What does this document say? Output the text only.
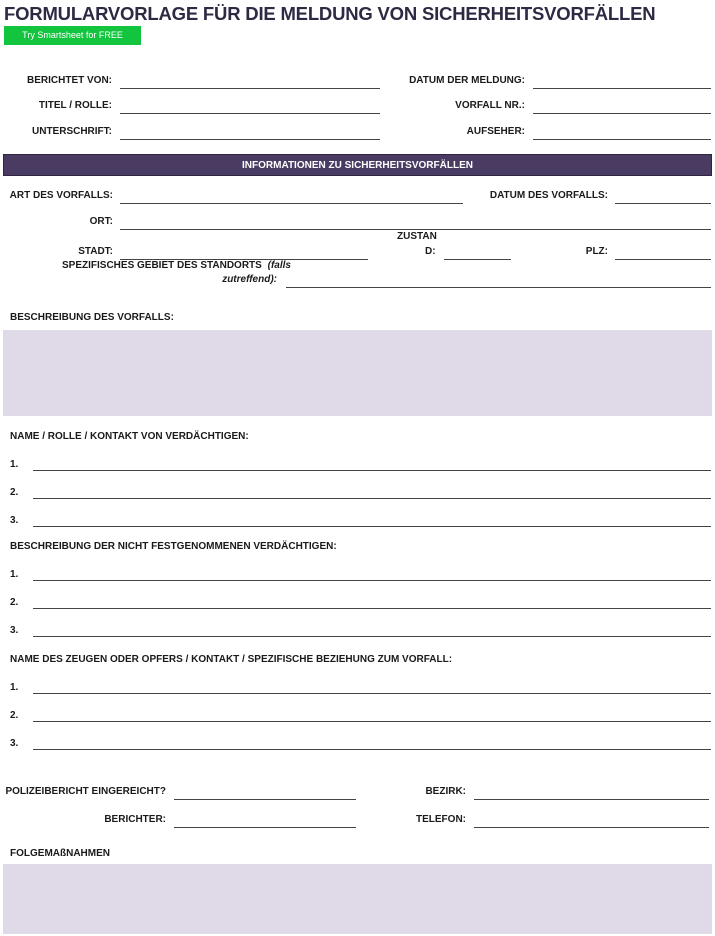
FORMULARVORLAGE FÜR DIE MELDUNG VON SICHERHEITSVORFÄLLEN
Try Smartsheet for FREE
BERICHTET VON:
TITEL / ROLLE:
UNTERSCHRIFT:
DATUM DER MELDUNG:
VORFALL NR.:
AUFSEHER:
INFORMATIONEN ZU SICHERHEITSVORFÄLLEN
ART DES VORFALLS:	DATUM DES VORFALLS:
ORT:
STADT:
ZUSTAN
D:	PLZ:
SPEZIFISCHES GEBIET DES STANDORTS (falls
zutreffend):
BESCHREIBUNG DES VORFALLS:
NAME / ROLLE / KONTAKT VON VERDÄCHTIGEN:
1.
2.
3.
BESCHREIBUNG DER NICHT FESTGENOMMENEN VERDÄCHTIGEN:
1.
2.
3.
NAME DES ZEUGEN ODER OPFERS / KONTAKT / SPEZIFISCHE BEZIEHUNG ZUM VORFALL:
1.
2.
3.
POLIZEIBERICHT EINGEREICHT?
BERICHTER:
BEZIRK:
TELEFON:
FOLGEMAßNAHMEN
